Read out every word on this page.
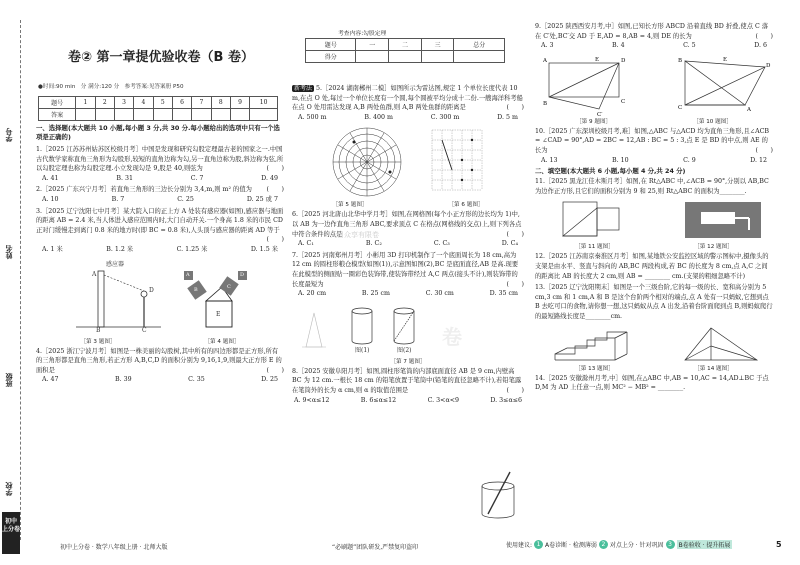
学号
姓名
班级
学校
初中
上分卷
卷② 第一章提优验收卷（B 卷）
●时间:90 min 分 满分:120 分 参考答案:见答案册 P50
题号	1	2	3	4	5	6	7	8	9	10
答案										
考查内容:勾股定理
题号	一	二	三	总分
得分				
一、选择题(本大题共 10 小题,每小题 3 分,共 30 分.每小题给出的选项中只有一个选项是正确的)
1.［2025 江苏苏州姑苏区校级月考］中国是发现和研究勾股定理最古老的国家之一.中国古代数学家称直角三角形为勾股形,较短的直角边称为勾,另一直角边称为股,斜边称为弦,所以勾股定理也称为勾股定理.小立发现勾是 9,股是 40,则弦为	(　　)
A. 41	B. 31	C. 7	D. 49
2.［2025 广东兴宁月考］若直角三角形的三边长分别为 3,4,m,则 m² 的值为 (　　)
A. 10	B. 7	C. 25	D. 25 或 7
3.［2025 辽宁沈阳七中月考］某大院入口的正上方 A 处装有感应器(如图),感应器与地面的距离 AB = 2.4 米,当人体进入感应范围内时,大门自动开关.一个身高 1.8 米的市民 CD 正对门缓慢走到离门 0.8 米的地方时(即 BC = 0.8 米),人头顶与感应器的距离 AD 等于
(　　)
A. 1 米	B. 1.2 米	C. 1.25 米	D. 1.5 米
感应器
A
D
B	C
A	D
B	C
E
［第 3 题图］	［第 4 题图］
4.［2025 浙江宁波月考］如图是一株美丽的勾股树,其中所有的四边形都是正方形,所有的三角形都是直角三角形,若正方形 A,B,C,D 的面积分别为 9,16,1,9,则最大正方形 E 的面积是	(　　)
A. 47	B. 39	C. 35	D. 25
新考法 5.［2024 湖南郴州二模］如图所示为雷达图,规定 1 个单位长度代表 10 m,在点 O 处,每过一个单位长度有一个圆,每个圆被平均分成十二份.一艘海洋科考船在点 O 处用雷达发现 A,B 两处鱼群,则 A,B 两处鱼群的距离是	(　　)
A. 500 m	B. 400 m	C. 300 m	D. 5 m
［第 5 题图］	［第 6 题图］
6.［2025 河北唐山北华中学月考］如图,在网格图(每个小正方形的边长均为 1)中,以 AB 为一边作直角三角形 ABC,要求顶点 C 在格点(网格线的交点)上,则下列各点中符合条件的点是	(　　)
A. C₁	B. C₂	C. C₃	D. C₄
7.［2025 河南郑州月考］小彬用 3D 打印机制作了一个底面周长为 18 cm,高为 12 cm 的圆柱形粮仓模型(如图(1)),示意图如图(2),BC 是底面直径,AB 是高.现要在此模型的侧面贴一圈彩色装饰带,使装饰带经过 A,C 两点(接头不计),则装饰带的长度最短为	(　　)
A. 20 cm	B. 25 cm	C. 30 cm	D. 35 cm
图(1)	图(2)
卷
［第 7 题图］
8.［2025 安徽阜阳月考］如图,圆柱形笔筒的内部底面直径 AB 是 9 cm,内壁高 BC 为 12 cm.一根长 18 cm 的铅笔放置于笔筒中(铅笔的直径忽略不计),若铅笔露在笔筒外的长为 α cm,则 α 的取值范围是	(　　)
A. 9<α≤12	B. 6≤α≤12	C. 3<α<9	D. 3≤α≤6
9.［2025 陕西西安月考,中］如图,已知长方形 ABCD 沿着直线 BD 折叠,使点 C 落在 C′处,BC′交 AD 于 E,AD = 8,AB = 4,则 DE 的长为	(　　)
A. 3	B. 4	C. 5	D. 6
A	D
B	C
C′
E	B
C	A
D
E
［第 9 题图］	［第 10 题图］
10.［2025 广东深圳校级月考,难］如图,△ABC 与△ACD 均为直角三角形,且∠ACB = ∠CAD = 90°,AD = 2BC = 12,AB : BC = 5 : 3,点 E 是 BD 的中点,则 AE 的长为	(　　)
A. 13	B. 10	C. 9	D. 12
二、填空题(本大题共 6 小题,每小题 4 分,共 24 分)
11.［2025 黑龙江佳木斯月考］如图,在 Rt△ABC 中,∠ACB = 90°,分别以 AB,BC 为边作正方形,且它们的面积分别为 9 和 25,则 Rt△ABC 的面积为________.
［第 11 题图］	［第 12 题图］
12.［2025 江苏南京秦淮区月考］如图,某地铁公安监控区域的警示图标中,摄像头的支架是由水平、竖直与斜向的 AB,BC 两段构成,若 BC 的长度为 8 cm,点 A,C 之间的距离比 AB 的长度大 2 cm,则 AB = ________ cm.(支架的粗细忽略不计)
13.［2025 辽宁沈阳期末］如图是一个三级台阶,它的每一级的长、宽和高分别为 5 cm,3 cm 和 1 cm,A 和 B 是这个台阶两个相对的端点,点 A 处有一只蚂蚁,它想到点 B 去吃可口的食物,请你想一想,这只蚂蚁从点 A 出发,沿着台阶面爬到点 B,则蚂蚁爬行的最短路线长度是________cm.
［第 13 题图］	［第 14 题图］
14.［2025 安徽滁州月考,中］如图,在△ABC 中,AB = 10,AC = 14,AD⊥BC 于点 D,M 为 AD 上任意一点,则 MC² − MB² = ________.
天目众享有限卷
初中上分卷 · 数学八年级上册 · 北师大版	“必刷题”团队研发,严禁复印盗印	使用建议: 1 A卷诊断 · 检测薄弱 2 对点上分 · 针对巩固 3	B卷验收 · 提升拓展	5
